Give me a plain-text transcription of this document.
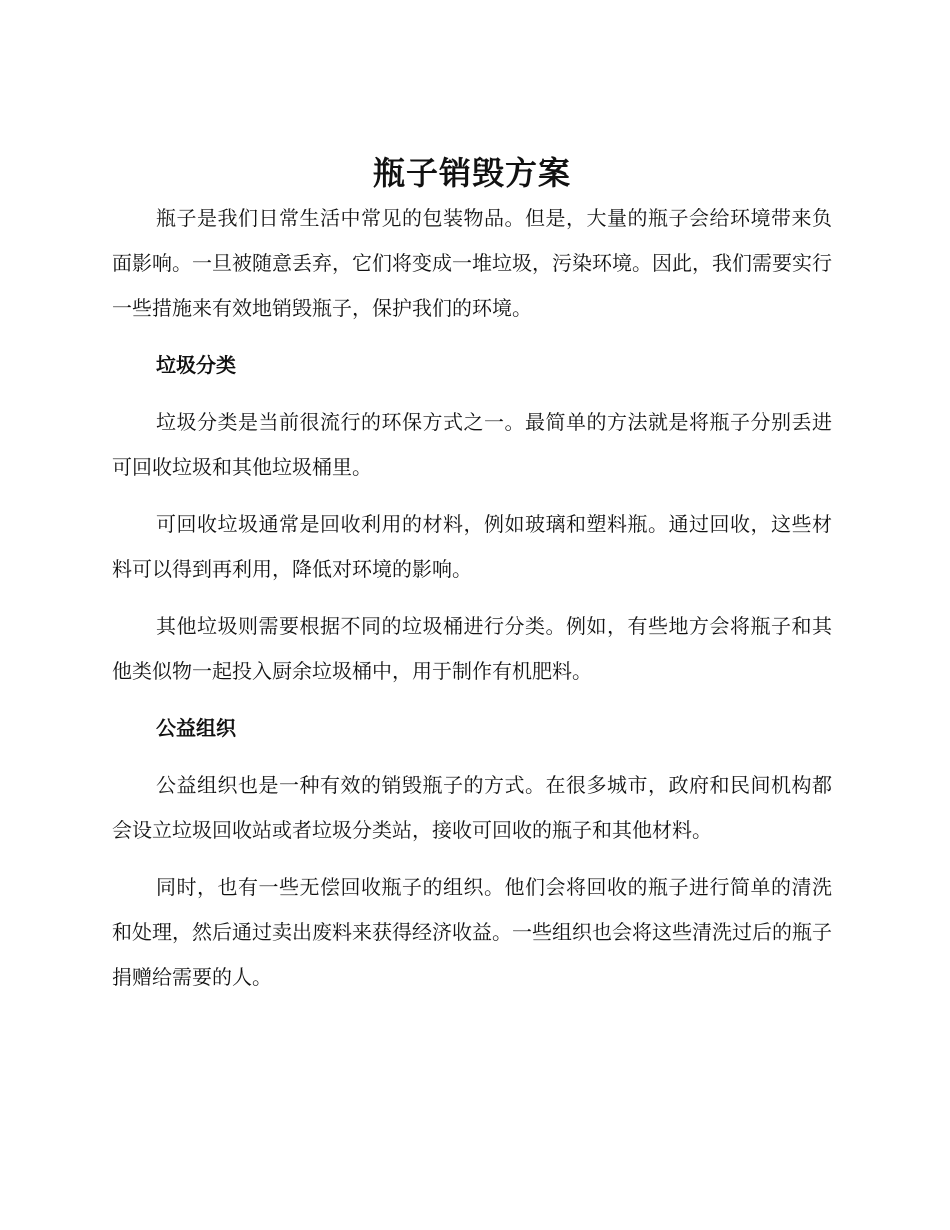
瓶子销毁方案

瓶子是我们日常生活中常见的包装物品。但是，大量的瓶子会给环境带来负面影响。一旦被随意丢弃，它们将变成一堆垃圾，污染环境。因此，我们需要实行一些措施来有效地销毁瓶子，保护我们的环境。

垃圾分类

垃圾分类是当前很流行的环保方式之一。最简单的方法就是将瓶子分别丢进可回收垃圾和其他垃圾桶里。

可回收垃圾通常是回收利用的材料，例如玻璃和塑料瓶。通过回收，这些材料可以得到再利用，降低对环境的影响。

其他垃圾则需要根据不同的垃圾桶进行分类。例如，有些地方会将瓶子和其他类似物一起投入厨余垃圾桶中，用于制作有机肥料。

公益组织

公益组织也是一种有效的销毁瓶子的方式。在很多城市，政府和民间机构都会设立垃圾回收站或者垃圾分类站，接收可回收的瓶子和其他材料。

同时，也有一些无偿回收瓶子的组织。他们会将回收的瓶子进行简单的清洗和处理，然后通过卖出废料来获得经济收益。一些组织也会将这些清洗过后的瓶子捐赠给需要的人。
